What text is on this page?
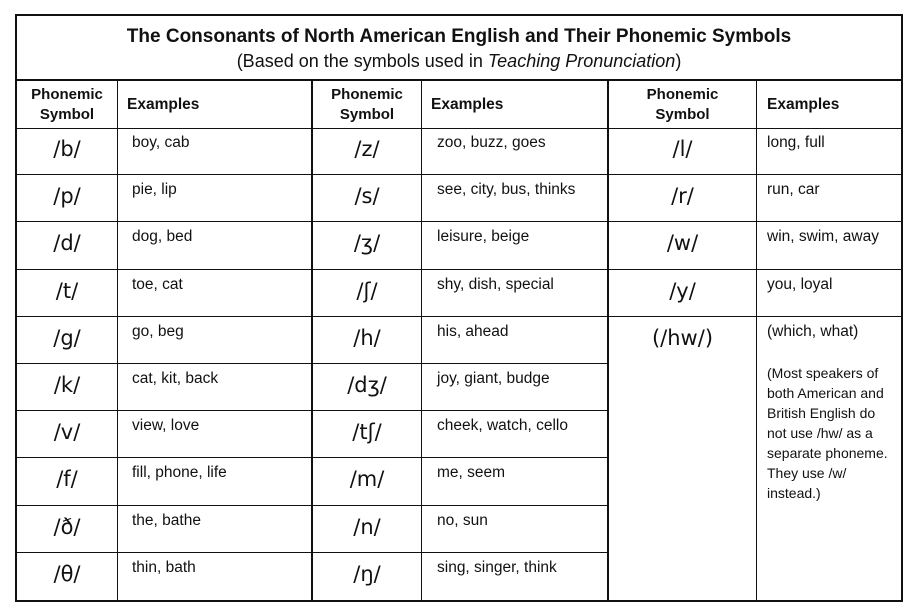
The Consonants of North American English and Their Phonemic Symbols
(Based on the symbols used in Teaching Pronunciation)
Phonemic
Symbol
Examples
/b/	boy, cab
/p/	pie, lip
/d/	dog, bed
/t/	toe, cat
/g/	go, beg
/k/	cat, kit, back
/v/	view, love
/f/	fill, phone, life
/ð/	the, bathe
/θ/	thin, bath
Phonemic
Symbol
Examples
/z/	zoo, buzz, goes
/s/	see, city, bus, thinks
/ʒ/	leisure, beige
/ʃ/	shy, dish, special
/h/	his, ahead
/dʒ/	joy, giant, budge
/tʃ/	cheek, watch, cello
/m/	me, seem
/n/	no, sun
/ŋ/	sing, singer, think
Phonemic
Symbol
Examples
/l/	long, full
/r/	run, car
/w/	win, swim, away
/y/	you, loyal
(/hw/)	(which, what)
(Most speakers of
both American and
British English do
not use /hw/ as a
separate phoneme.
They use /w/
instead.)
